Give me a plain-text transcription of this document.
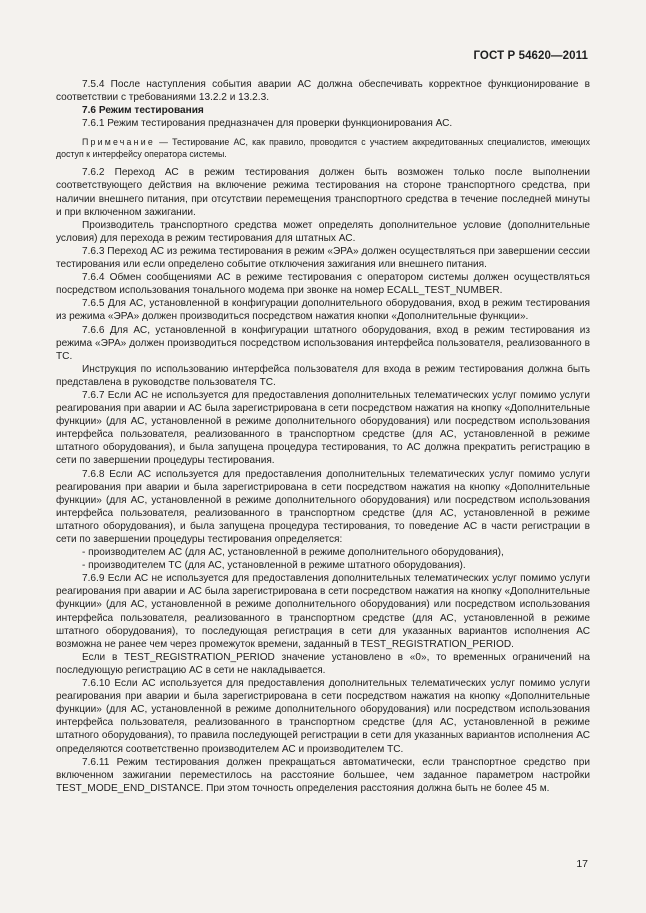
ГОСТ Р 54620—2011

7.5.4 После наступления события аварии АС должна обеспечивать корректное функционирование в соответствии с требованиями 13.2.2 и 13.2.3.

7.6 Режим тестирования

7.6.1 Режим тестирования предназначен для проверки функционирования АС.

Примечание — Тестирование АС, как правило, проводится с участием аккредитованных специалистов, имеющих доступ к интерфейсу оператора системы.

7.6.2 Переход АС в режим тестирования должен быть возможен только после выполнении соответствующего действия на включение режима тестирования на стороне транспортного средства, при наличии внешнего питания, при отсутствии перемещения транспортного средства в течение последней минуты и при включенном зажигании.

Производитель транспортного средства может определять дополнительное условие (дополнительные условия) для перехода в режим тестирования для штатных АС.

7.6.3 Переход АС из режима тестирования в режим «ЭРА» должен осуществляться при завершении сессии тестирования или если определено событие отключения зажигания или внешнего питания.

7.6.4 Обмен сообщениями АС в режиме тестирования с оператором системы должен осуществляться посредством использования тонального модема при звонке на номер ECALL_TEST_NUMBER.

7.6.5 Для АС, установленной в конфигурации дополнительного оборудования, вход в режим тестирования из режима «ЭРА» должен производиться посредством нажатия кнопки «Дополнительные функции».

7.6.6 Для АС, установленной в конфигурации штатного оборудования, вход в режим тестирования из режима «ЭРА» должен производиться посредством использования интерфейса пользователя, реализованного в ТС.

Инструкция по использованию интерфейса пользователя для входа в режим тестирования должна быть представлена в руководстве пользователя ТС.

7.6.7 Если АС не используется для предоставления дополнительных телематических услуг помимо услуги реагирования при аварии и АС была зарегистрирована в сети посредством нажатия на кнопку «Дополнительные функции» (для АС, установленной в режиме дополнительного оборудования) или посредством использования интерфейса пользователя, реализованного в транспортном средстве (для АС, установленной в режиме штатного оборудования), и была запущена процедура тестирования, то АС должна прекратить регистрацию в сети по завершении процедуры тестирования.

7.6.8 Если АС используется для предоставления дополнительных телематических услуг помимо услуги реагирования при аварии и была зарегистрирована в сети посредством нажатия на кнопку «Дополнительные функции» (для АС, установленной в режиме дополнительного оборудования) или посредством использования интерфейса пользователя, реализованного в транспортном средстве (для АС, установленной в режиме штатного оборудования), и была запущена процедура тестирования, то поведение АС в части регистрации в сети по завершении процедуры тестирования определяется:

- производителем АС (для АС, установленной в режиме дополнительного оборудования),

- производителем ТС (для АС, установленной в режиме штатного оборудования).

7.6.9 Если АС не используется для предоставления дополнительных телематических услуг помимо услуги реагирования при аварии и АС была зарегистрирована в сети посредством нажатия на кнопку «Дополнительные функции» (для АС, установленной в режиме дополнительного оборудования) или посредством использования интерфейса пользователя, реализованного в транспортном средстве (для АС, установленной в режиме штатного оборудования), то последующая регистрация в сети для указанных вариантов исполнения АС возможна не ранее чем через промежуток времени, заданный в TEST_REGISTRATION_PERIOD.

Если в TEST_REGISTRATION_PERIOD значение установлено в «0», то временных ограничений на последующую регистрацию АС в сети не накладывается.

7.6.10 Если АС используется для предоставления дополнительных телематических услуг помимо услуги реагирования при аварии и была зарегистрирована в сети посредством нажатия на кнопку «Дополнительные функции» (для АС, установленной в режиме дополнительного оборудования) или посредством использования интерфейса пользователя, реализованного в транспортном средстве (для АС, установленной в режиме штатного оборудования), то правила последующей регистрации в сети для указанных вариантов исполнения АС определяются соответственно производителем АС и производителем ТС.

7.6.11 Режим тестирования должен прекращаться автоматически, если транспортное средство при включенном зажигании переместилось на расстояние большее, чем заданное параметром настройки TEST_MODE_END_DISTANCE. При этом точность определения расстояния должна быть не более 45 м.

17
